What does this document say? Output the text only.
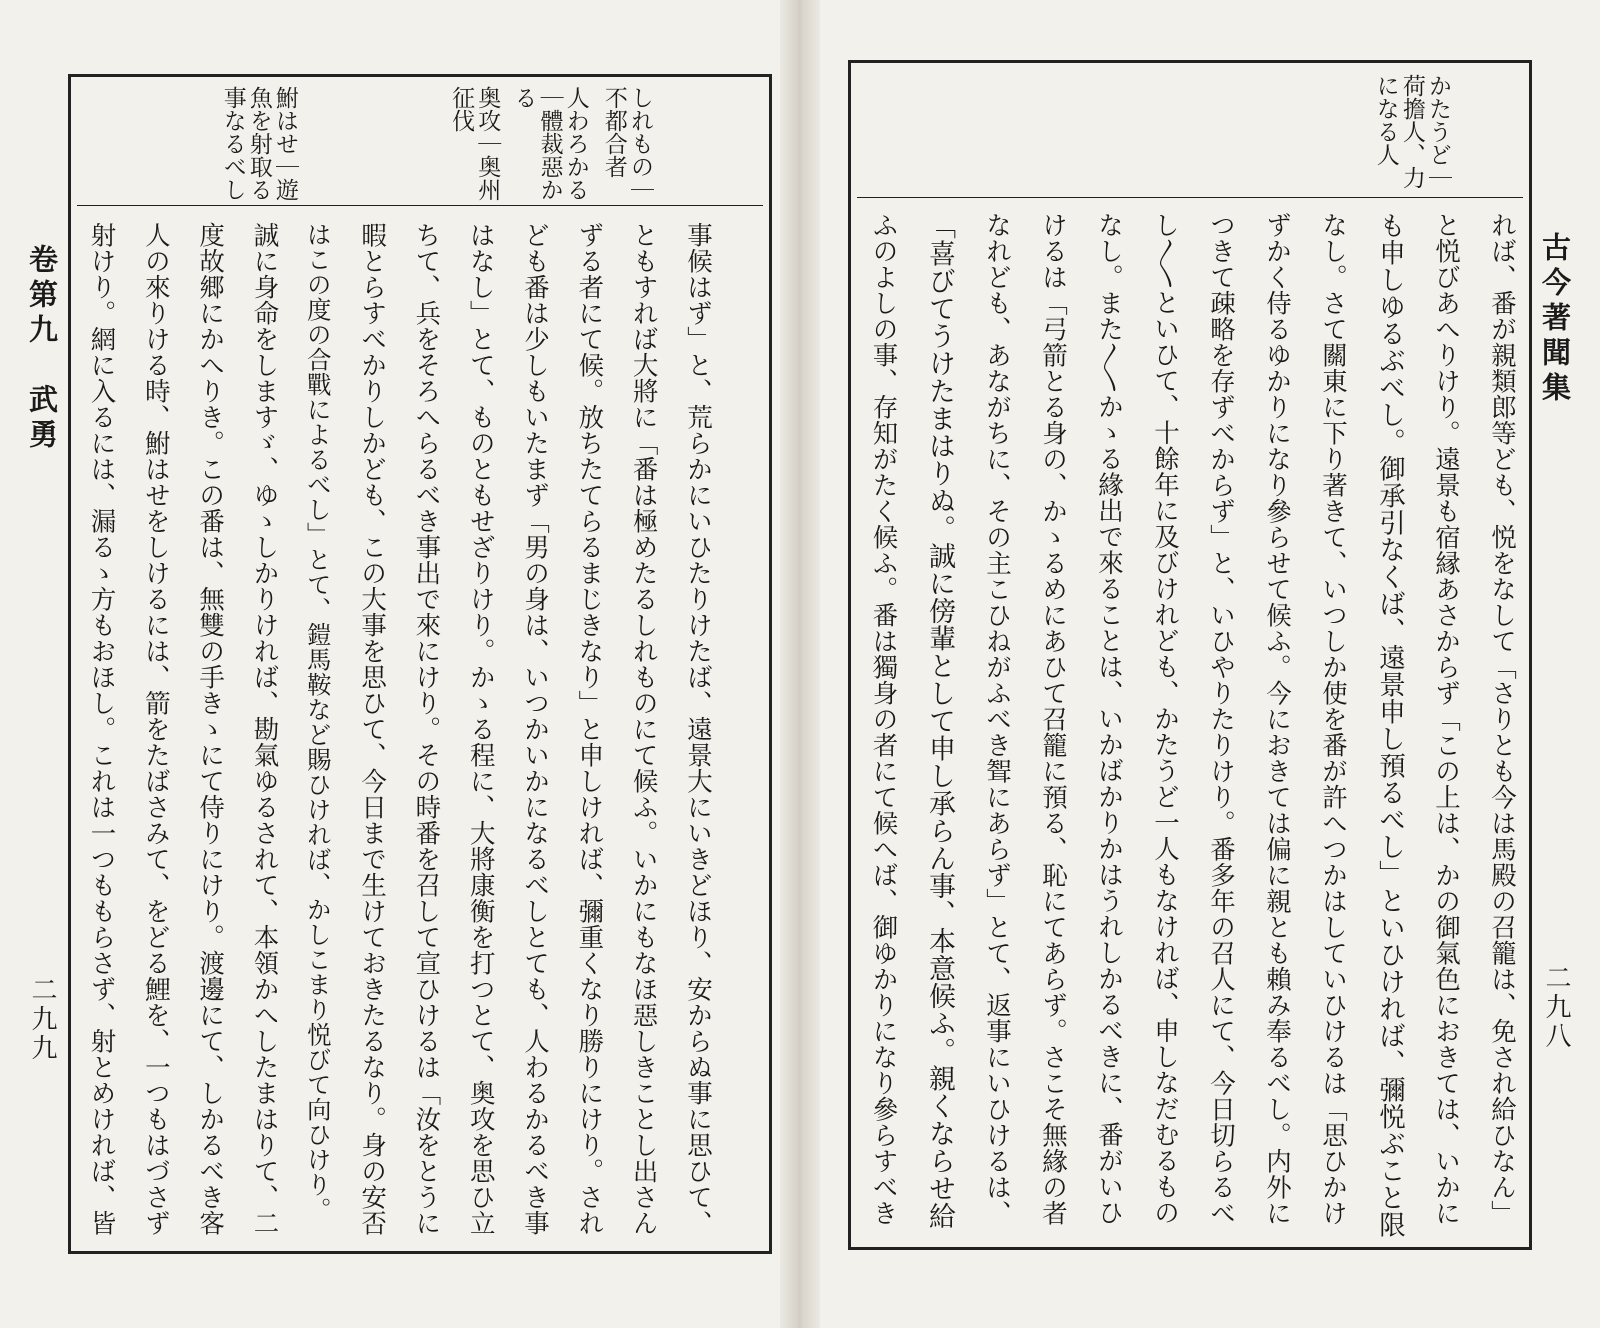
しれもの｜
不都合者
人わろかる
｜體裁惡か
る
奥攻｜奥州
征伐
鮒はせ｜遊
魚を射取る
事なるべし
事候はず」と、荒らかにいひたりけたば、遠景大にいきどほり、安からぬ事に思ひて、
ともすれば大將に「番は極めたるしれものにて候ふ。いかにもなほ惡しきことし出さん
ずる者にて候。放ちたてらるまじきなり」と申しければ、彌重くなり勝りにけり。され
ども番は少しもいたまず「男の身は、いつかいかになるべしとても、人わるかるべき事
はなし」とて、ものともせざりけり。かゝる程に、大將康衡を打つとて、奥攻を思ひ立
ちて、兵をそろへらるべき事出で來にけり。その時番を召して宣ひけるは「汝をとうに
暇とらすべかりしかども、この大事を思ひて、今日まで生けておきたるなり。身の安否
はこの度の合戰によるべし」とて、鎧馬鞍など賜ひければ、かしこまり悦びて向ひけり。
誠に身命をしますゞ、ゆゝしかりければ、勘氣ゆるされて、本領かへしたまはりて、二
度故郷にかへりき。この番は、無雙の手きゝにて侍りにけり。渡邊にて、しかるべき客
人の來りける時、鮒はせをしけるには、箭をたばさみて、をどる鯉を、一つもはづさず
射けり。網に入るには、漏るゝ方もおほし。これは一つももらさず、射とめければ、皆
卷第九　武勇
二九九
かたうど｜
荷擔人、力
になる人
れば、番が親類郎等ども、悦をなして「さりとも今は馬殿の召籠は、免され給ひなん」
と悦びあへりけり。遠景も宿縁あさからず「この上は、かの御氣色におきては、いかに
も申しゆるぶべし。御承引なくば、遠景申し預るべし」といひければ、彌悦ぶこと限
なし。さて關東に下り著きて、いつしか使を番が許へつかはしていひけるは「思ひかけ
ずかく侍るゆかりになり參らせて候ふ。今におきては偏に親とも賴み奉るべし。内外に
つきて疎略を存ずべからず」と、いひやりたりけり。番多年の召人にて、今日切らるべ
し〳〵といひて、十餘年に及びけれども、かたうど一人もなければ、申しなだむるもの
なし。また〳〵かゝる緣出で來ることは、いかばかりかはうれしかるべきに、番がいひ
けるは「弓箭とる身の、かゝるめにあひて召籠に預る、恥にてあらず。さこそ無緣の者
なれども、あながちに、その主こひねがふべき聟にあらず」とて、返事にいひけるは、
「喜びてうけたまはりぬ。誠に傍輩として申し承らん事、本意候ふ。親くならせ給
ふのよしの事、存知がたく候ふ。番は獨身の者にて候へば、御ゆかりになり參らすべき	古今著聞集
二九八
